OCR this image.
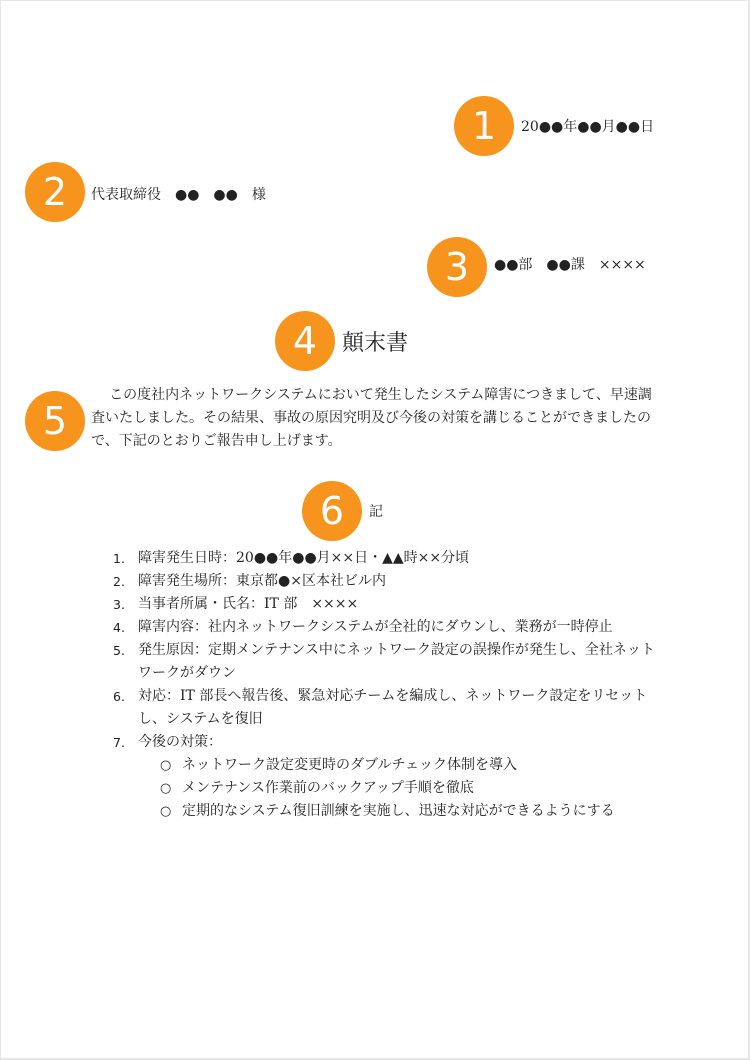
1	20●●年●●月●●日
2	代表取締役　●●　●●　様
3	●●部　●●課　××××
4	顛末書
5
この度社内ネットワークシステムにおいて発生したシステム障害につきまして、早速調査いたしました。その結果、事故の原因究明及び今後の対策を講じることができましたので、下記のとおりご報告申し上げます。
6	記
1. 障害発生日時：20●●年●●月××日・▲▲時××分頃
2. 障害発生場所：東京都●×区本社ビル内
3. 当事者所属・氏名：IT 部　××××
4. 障害内容：社内ネットワークシステムが全社的にダウンし、業務が一時停止
5. 発生原因：定期メンテナンス中にネットワーク設定の誤操作が発生し、全社ネットワークがダウン
6. 対応：IT 部長へ報告後、緊急対応チームを編成し、ネットワーク設定をリセットし、システムを復旧
7. 今後の対策：
○ ネットワーク設定変更時のダブルチェック体制を導入
○ メンテナンス作業前のバックアップ手順を徹底
○ 定期的なシステム復旧訓練を実施し、迅速な対応ができるようにする
